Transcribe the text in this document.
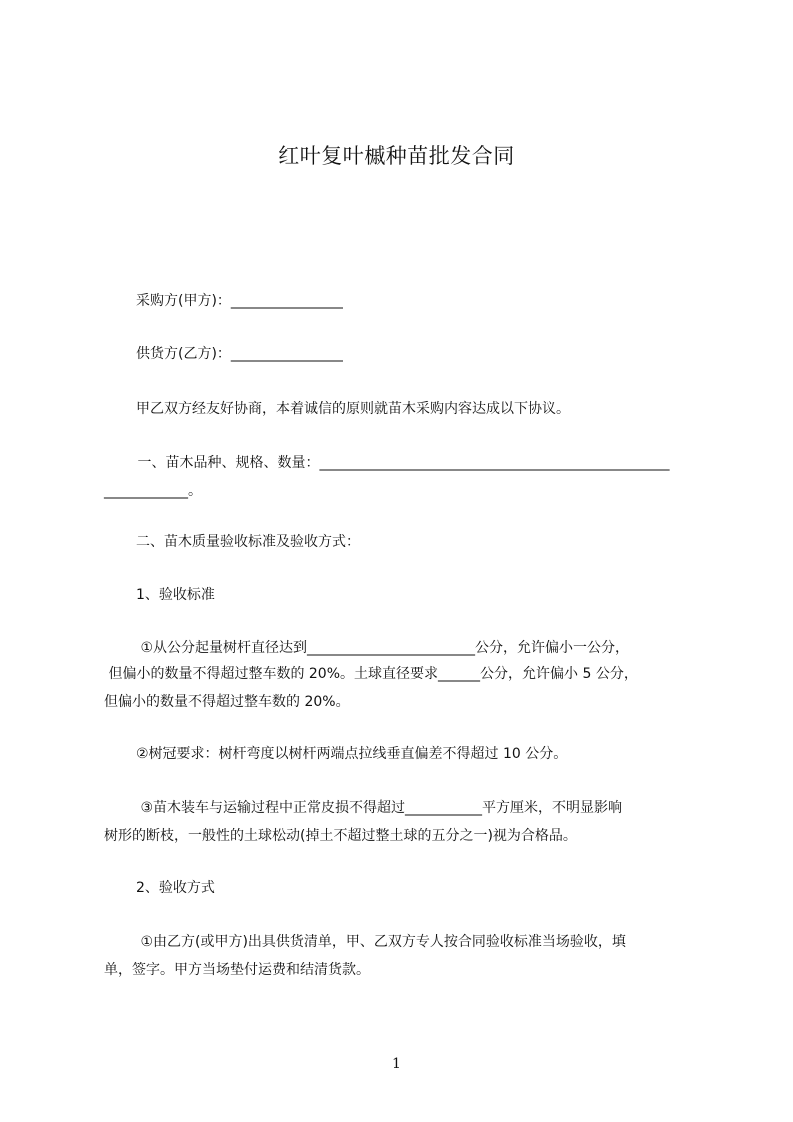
红叶复叶槭种苗批发合同
采购方(甲方)：________________
供货方(乙方)：________________
甲乙双方经友好协商，本着诚信的原则就苗木采购内容达成以下协议。
一、苗木品种、规格、数量：__________________________________________________
____________。
二、苗木质量验收标准及验收方式：
1、验收标准
①从公分起量树杆直径达到________________________公分，允许偏小一公分，
但偏小的数量不得超过整车数的 20%。土球直径要求______公分，允许偏小 5 公分，
但偏小的数量不得超过整车数的 20%。
②树冠要求：树杆弯度以树杆两端点拉线垂直偏差不得超过 10 公分。
③苗木装车与运输过程中正常皮损不得超过___________平方厘米，不明显影响
树形的断枝，一般性的土球松动(掉土不超过整土球的五分之一)视为合格品。
2、验收方式
①由乙方(或甲方)出具供货清单，甲、乙双方专人按合同验收标准当场验收，填
单，签字。甲方当场垫付运费和结清货款。
1
